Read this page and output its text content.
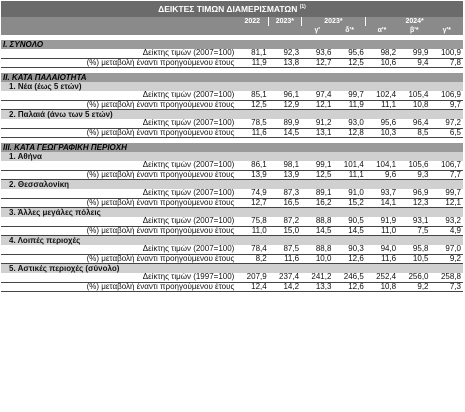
ΔΕΙΚΤΕΣ ΤΙΜΩΝ ΔΙΑΜΕΡΙΣΜΑΤΩΝ $^{(1)}$
	2022	2023*	2023*		2024*		
			γ'	δ'*	α'*	β'*	γ'*

I. ΣΥΝΟΛΟ							
Δείκτης τιμών (2007=100)	81,1	92,3	93,6	95,6	98,2	99,9	100,9
(%) μεταβολή έναντι προηγούμενου έτους	11,9	13,8	12,7	12,5	10,6	9,4	7,8

II. ΚΑΤΑ ΠΑΛΑΙΟΤΗΤΑ							
1. Νέα (έως 5 ετών)							
Δείκτης τιμών (2007=100)	85,1	96,1	97,4	99,7	102,4	105,4	106,9
(%) μεταβολή έναντι προηγούμενου έτους	12,5	12,9	12,1	11,9	11,1	10,8	9,7
2. Παλαιά (άνω των 5 ετών)							
Δείκτης τιμών (2007=100)	78,5	89,9	91,2	93,0	95,6	96,4	97,2
(%) μεταβολή έναντι προηγούμενου έτους	11,6	14,5	13,1	12,8	10,3	8,5	6,5

III. ΚΑΤΑ ΓΕΩΓΡΑΦΙΚΗ ΠΕΡΙΟΧΗ							
1. Αθήνα							
Δείκτης τιμών (2007=100)	86,1	98,1	99,1	101,4	104,1	105,6	106,7
(%) μεταβολή έναντι προηγούμενου έτους	13,9	13,9	12,5	11,1	9,6	9,3	7,7
2. Θεσσαλονίκη							
Δείκτης τιμών (2007=100)	74,9	87,3	89,1	91,0	93,7	96,9	99,7
(%) μεταβολή έναντι προηγούμενου έτους	12,7	16,5	16,2	15,2	14,1	12,3	12,1
3. Άλλες μεγάλες πόλεις							
Δείκτης τιμών (2007=100)	75,8	87,2	88,8	90,5	91,9	93,1	93,2
(%) μεταβολή έναντι προηγούμενου έτους	11,0	15,0	14,5	14,5	11,0	7,5	4,9
4. Λοιπές περιοχές							
Δείκτης τιμών (2007=100)	78,4	87,5	88,8	90,3	94,0	95,8	97,0
(%) μεταβολή έναντι προηγούμενου έτους	8,2	11,6	10,0	12,6	11,6	10,5	9,2
5. Αστικές περιοχές (σύνολο)							
Δείκτης τιμών (1997=100)	207,9	237,4	241,2	246,5	252,4	256,0	258,8
(%) μεταβολή έναντι προηγούμενου έτους	12,4	14,2	13,3	12,6	10,8	9,2	7,3
